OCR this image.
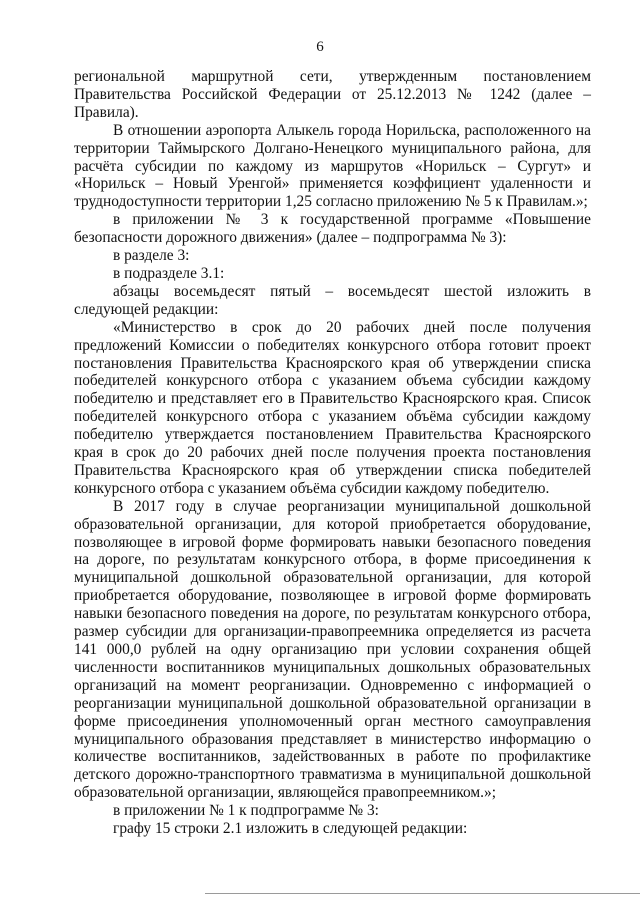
6

региональной маршрутной сети, утвержденным постановлением Правительства Российской Федерации от 25.12.2013 № 1242 (далее – Правила).

В отношении аэропорта Алыкель города Норильска, расположенного на территории Таймырского Долгано-Ненецкого муниципального района, для расчёта субсидии по каждому из маршрутов «Норильск – Сургут» и «Норильск – Новый Уренгой» применяется коэффициент удаленности и труднодоступности территории 1,25 согласно приложению № 5 к Правилам.»;

в приложении № 3 к государственной программе «Повышение безопасности дорожного движения» (далее – подпрограмма № 3):

в разделе 3:

в подразделе 3.1:

абзацы восемьдесят пятый – восемьдесят шестой изложить в следующей редакции:

«Министерство в срок до 20 рабочих дней после получения предложений Комиссии о победителях конкурсного отбора готовит проект постановления Правительства Красноярского края об утверждении списка победителей конкурсного отбора с указанием объема субсидии каждому победителю и представляет его в Правительство Красноярского края. Список победителей конкурсного отбора с указанием объёма субсидии каждому победителю утверждается постановлением Правительства Красноярского края в срок до 20 рабочих дней после получения проекта постановления Правительства Красноярского края об утверждении списка победителей конкурсного отбора с указанием объёма субсидии каждому победителю.

В 2017 году в случае реорганизации муниципальной дошкольной образовательной организации, для которой приобретается оборудование, позволяющее в игровой форме формировать навыки безопасного поведения на дороге, по результатам конкурсного отбора, в форме присоединения к муниципальной дошкольной образовательной организации, для которой приобретается оборудование, позволяющее в игровой форме формировать навыки безопасного поведения на дороге, по результатам конкурсного отбора, размер субсидии для организации-правопреемника определяется из расчета 141 000,0 рублей на одну организацию при условии сохранения общей численности воспитанников муниципальных дошкольных образовательных организаций на момент реорганизации. Одновременно с информацией о реорганизации муниципальной дошкольной образовательной организации в форме присоединения уполномоченный орган местного самоуправления муниципального образования представляет в министерство информацию о количестве воспитанников, задействованных в работе по профилактике детского дорожно-транспортного травматизма в муниципальной дошкольной образовательной организации, являющейся правопреемником.»;

в приложении № 1 к подпрограмме № 3:

графу 15 строки 2.1 изложить в следующей редакции:
